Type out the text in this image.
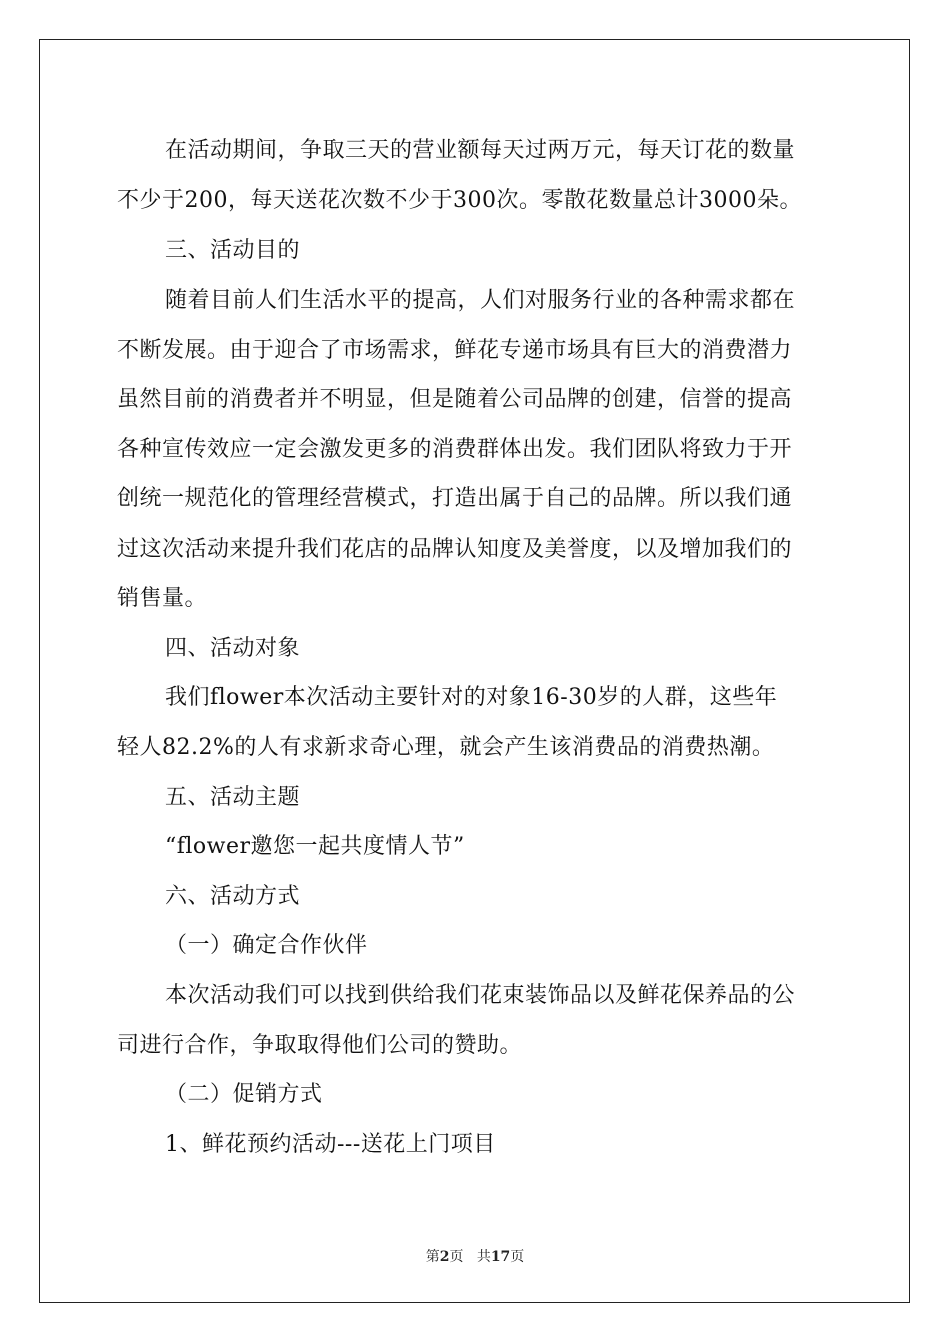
在活动期间，争取三天的营业额每天过两万元，每天订花的数量
不少于200，每天送花次数不少于300次。零散花数量总计3000朵。
三、活动目的
随着目前人们生活水平的提高，人们对服务行业的各种需求都在
不断发展。由于迎合了市场需求，鲜花专递市场具有巨大的消费潜力
虽然目前的消费者并不明显，但是随着公司品牌的创建，信誉的提高
各种宣传效应一定会激发更多的消费群体出发。我们团队将致力于开
创统一规范化的管理经营模式，打造出属于自己的品牌。所以我们通
过这次活动来提升我们花店的品牌认知度及美誉度，以及增加我们的
销售量。
四、活动对象
我们flower本次活动主要针对的对象16-30岁的人群，这些年
轻人82.2%的人有求新求奇心理，就会产生该消费品的消费热潮。
五、活动主题
“flower邀您一起共度情人节”
六、活动方式
（一）确定合作伙伴
本次活动我们可以找到供给我们花束装饰品以及鲜花保养品的公
司进行合作，争取取得他们公司的赞助。
（二）促销方式
1、鲜花预约活动---送花上门项目
第2页 共17页
